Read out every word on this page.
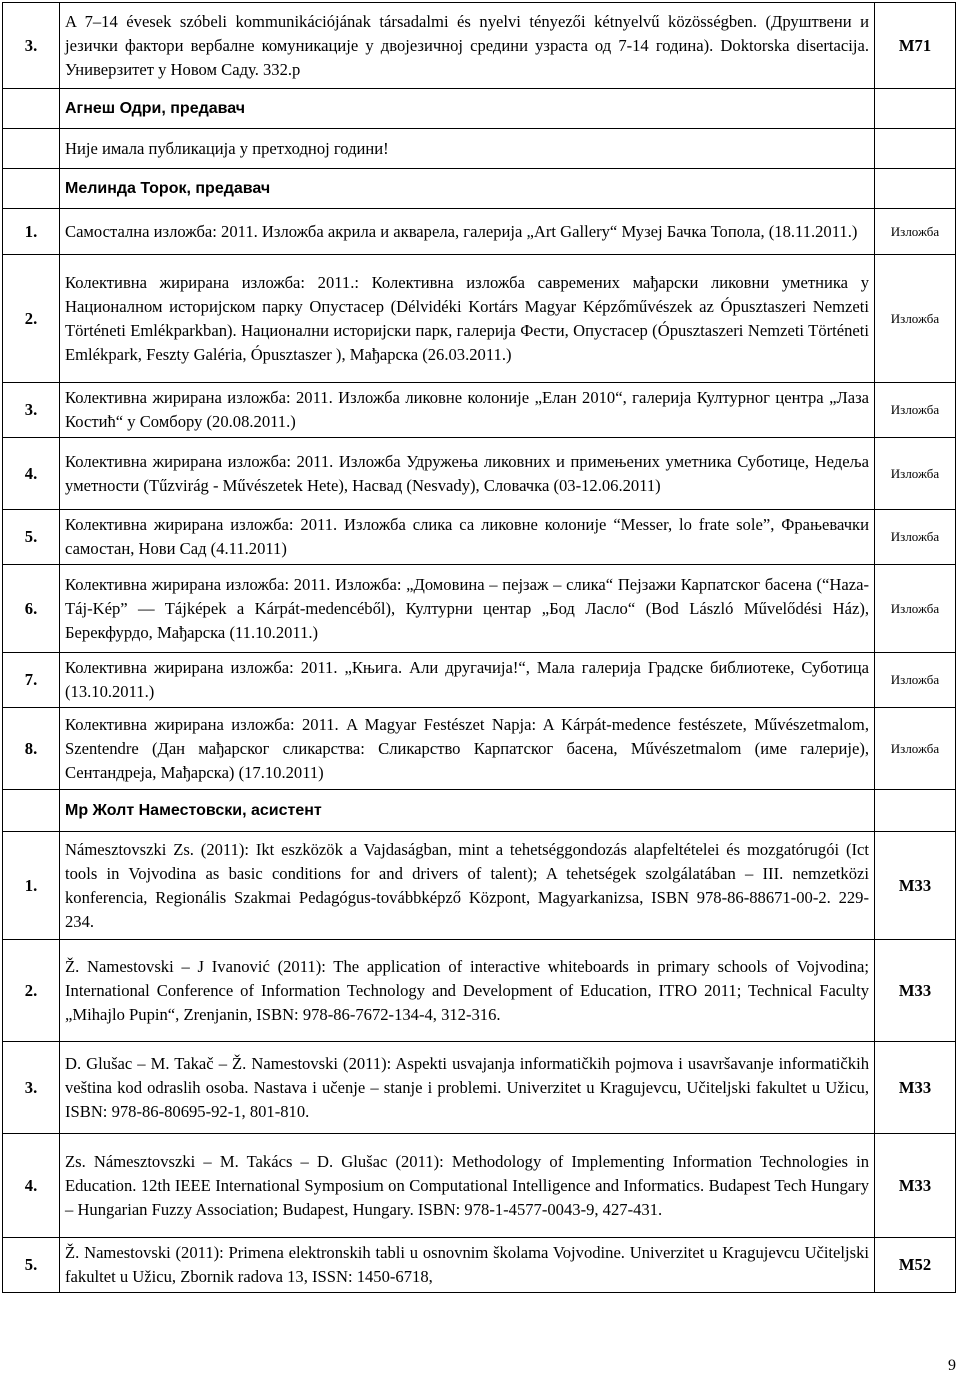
3.	A 7–14 évesek szóbeli kommunikációjának társadalmi és nyelvi tényezői kétnyelvű közösségben. (Друштвени и језички фактори вербалне комуникације у двојезичној средини узраста од 7-14 година). Doktorska disertacija. Универзитет у Новом Саду. 332.p	M71
	Агнеш Одри, предавач	
	Није имала публикација у претходној години!	
	Мелинда Торок, предавач	
1.	Самостална изложба: 2011. Изложба акрила и акварела, галерија „Art Gallery“ Музеј Бачка Топола, (18.11.2011.)	Изложба
2.	Колективна жирирана изложба: 2011.: Колективна изложба савремених мађарски ликовни уметника у Националном историјском парку Опустасер (Délvidéki Kortárs Magyar Képzőművészek az Ópusztaszeri Nemzeti Történeti Emlékparkban). Национални историјски парк, галерија Фести, Опустасер (Ópusztaszeri Nemzeti Történeti Emlékpark, Feszty Galéria, Ópusztaszer ), Мађарска (26.03.2011.)	Изложба
3.	Колективна жирирана изложба: 2011. Изложба ликовне колоније „Елан 2010“, галерија Културног центра „Лаза Костић“ у Сомбору (20.08.2011.)	Изложба
4.	Колективна жирирана изложба: 2011. Изложба Удружења ликовних и примењених уметника Суботице, Недеља уметности (Tűzvirág - Művészetek Hete), Насвад (Nesvady), Словачка (03-12.06.2011)	Изложба
5.	Колективна жирирана изложба: 2011. Изложба слика са ликовне колоније “Messer, lo frate sole”, Фрањевачки самостан, Нови Сад (4.11.2011)	Изложба
6.	Колективна жирирана изложба: 2011. Изложба: „Домовина – пејзаж – слика“ Пејзажи Карпатског басена (“Haza-Táj-Kép” — Tájképek a Kárpát-medencéből), Културни центар „Бод Ласло“ (Bod László Művelődési Ház), Берекфурдо, Мађарска (11.10.2011.)	Изложба
7.	Колективна жирирана изложба: 2011. „Књига. Али другачија!“, Мала галерија Градске библиотеке, Суботица (13.10.2011.)	Изложба
8.	Колективна жирирана изложба: 2011. A Magyar Festészet Napja: A Kárpát-medence festészete, Művészetmalom, Szentendre (Дан мађарског сликарства: Сликарство Карпатског басена, Művészetmalom (име галерије), Сентандреја, Мађарска) (17.10.2011)	Изложба
	Мр Жолт Наместовски, асистент	
1.	Námesztovszki Zs. (2011): Ikt eszközök a Vajdaságban, mint a tehetséggondozás alapfeltételei és mozgatórugói (Ict tools in Vojvodina as basic conditions for and drivers of talent); A tehetségek szolgálatában – III. nemzetközi konferencia, Regionális Szakmai Pedagógus-továbbképző Központ, Magyarkanizsa, ISBN 978-86-88671-00-2. 229-234.	M33
2.	Ž. Namestovski – J Ivanović (2011): The application of interactive whiteboards in primary schools of Vojvodina; International Conference of Information Technology and Development of Education, ITRO 2011; Technical Faculty „Mihajlo Pupin“, Zrenjanin, ISBN: 978-86-7672-134-4, 312-316.	M33
3.	D. Glušac – M. Takač – Ž. Namestovski (2011): Aspekti usvajanja informatičkih pojmova i usavršavanje informatičkih veština kod odraslih osoba. Nastava i učenje – stanje i problemi. Univerzitet u Kragujevcu, Učiteljski fakultet u Užicu, ISBN: 978-86-80695-92-1, 801-810.	M33
4.	Zs. Námesztovszki – M. Takács – D. Glušac (2011): Methodology of Implementing Information Technologies in Education. 12th IEEE International Symposium on Computational Intelligence and Informatics. Budapest Tech Hungary – Hungarian Fuzzy Association; Budapest, Hungary. ISBN: 978-1-4577-0043-9, 427-431.	M33
5.	Ž. Namestovski (2011): Primena elektronskih tabli u osnovnim školama Vojvodine. Univerzitet u Kragujevcu Učiteljski fakultet u Užicu, Zbornik radova 13, ISSN: 1450-6718,	M52
9
